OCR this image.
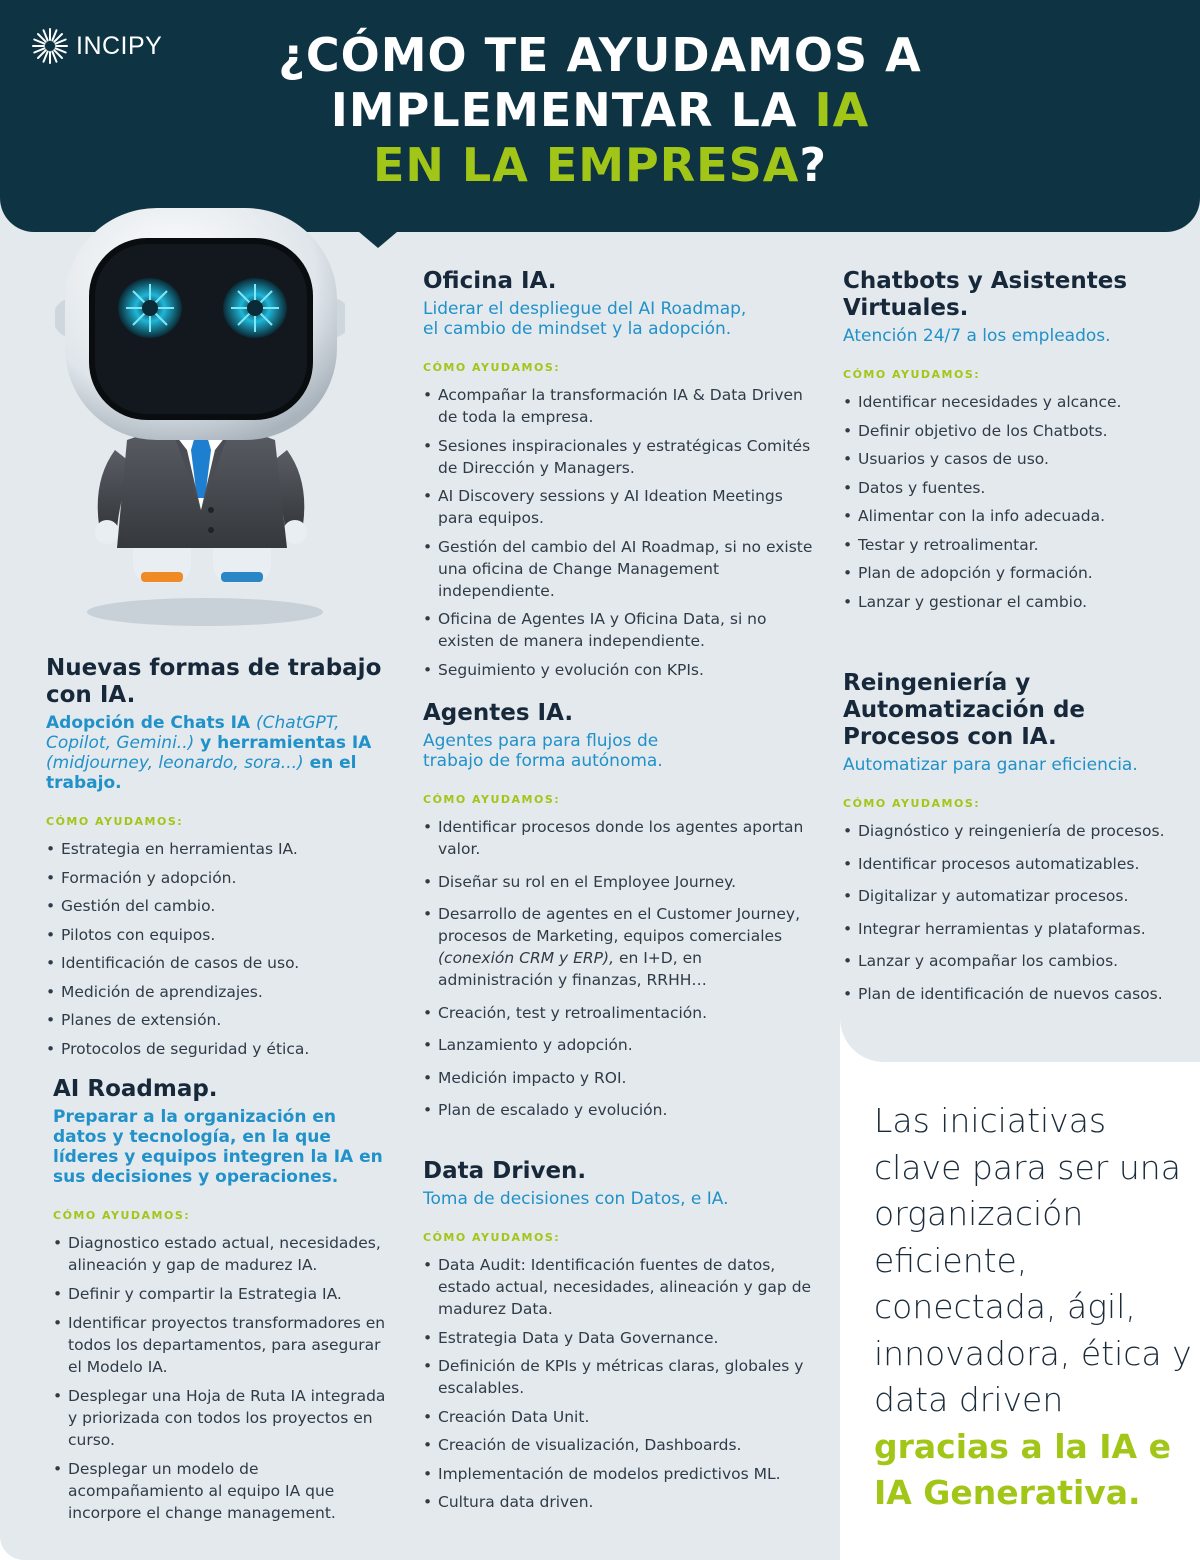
INCIPY	¿CÓMO TE AYUDAMOS A
IMPLEMENTAR LA IA
EN LA EMPRESA?
Nuevas formas de trabajo con IA.
Adopción de Chats IA (ChatGPT, Copilot, Gemini..) y herramientas IA (midjourney, leonardo, sora...) en el trabajo.
CÓMO AYUDAMOS:
• Estrategia en herramientas IA.
• Formación y adopción.
• Gestión del cambio.
• Pilotos con equipos.
• Identificación de casos de uso.
• Medición de aprendizajes.
• Planes de extensión.
• Protocolos de seguridad y ética.
AI Roadmap.
Preparar a la organización en datos y tecnología, en la que líderes y equipos integren la IA en sus decisiones y operaciones.
CÓMO AYUDAMOS:
• Diagnostico estado actual, necesidades, alineación y gap de madurez IA.
• Definir y compartir la Estrategia IA.
• Identificar proyectos transformadores en todos los departamentos, para asegurar el Modelo IA.
• Desplegar una Hoja de Ruta IA integrada y priorizada con todos los proyectos en curso.
• Desplegar un modelo de acompañamiento al equipo IA que incorpore el change management.
Oficina IA.
Liderar el despliegue del AI Roadmap, el cambio de mindset y la adopción.
CÓMO AYUDAMOS:
• Acompañar la transformación IA & Data Driven de toda la empresa.
• Sesiones inspiracionales y estratégicas Comités de Dirección y Managers.
• AI Discovery sessions y AI Ideation Meetings para equipos.
• Gestión del cambio del AI Roadmap, si no existe una oficina de Change Management independiente.
• Oficina de Agentes IA y Oficina Data, si no existen de manera independiente.
• Seguimiento y evolución con KPIs.
Agentes IA.
Agentes para para flujos de trabajo de forma autónoma.
CÓMO AYUDAMOS:
• Identificar procesos donde los agentes aportan valor.
• Diseñar su rol en el Employee Journey.
• Desarrollo de agentes en el Customer Journey, procesos de Marketing, equipos comerciales (conexión CRM y ERP), en I+D, en administración y finanzas, RRHH…
• Creación, test y retroalimentación.
• Lanzamiento y adopción.
• Medición impacto y ROI.
• Plan de escalado y evolución.
Data Driven.
Toma de decisiones con Datos, e IA.
CÓMO AYUDAMOS:
• Data Audit: Identificación fuentes de datos, estado actual, necesidades, alineación y gap de madurez Data.
• Estrategia Data y Data Governance.
• Definición de KPIs y métricas claras, globales y escalables.
• Creación Data Unit.
• Creación de visualización, Dashboards.
• Implementación de modelos predictivos ML.
• Cultura data driven.
Chatbots y Asistentes Virtuales.
Atención 24/7 a los empleados.
CÓMO AYUDAMOS:
• Identificar necesidades y alcance.
• Definir objetivo de los Chatbots.
• Usuarios y casos de uso.
• Datos y fuentes.
• Alimentar con la info adecuada.
• Testar y retroalimentar.
• Plan de adopción y formación.
• Lanzar y gestionar el cambio.
Reingeniería y Automatización de Procesos con IA.
Automatizar para ganar eficiencia.
CÓMO AYUDAMOS:
• Diagnóstico y reingeniería de procesos.
• Identificar procesos automatizables.
• Digitalizar y automatizar procesos.
• Integrar herramientas y plataformas.
• Lanzar y acompañar los cambios.
• Plan de identificación de nuevos casos.
Las iniciativas clave para ser una organización eficiente, conectada, ágil, innovadora, ética y data driven
gracias a la IA e IA Generativa.
